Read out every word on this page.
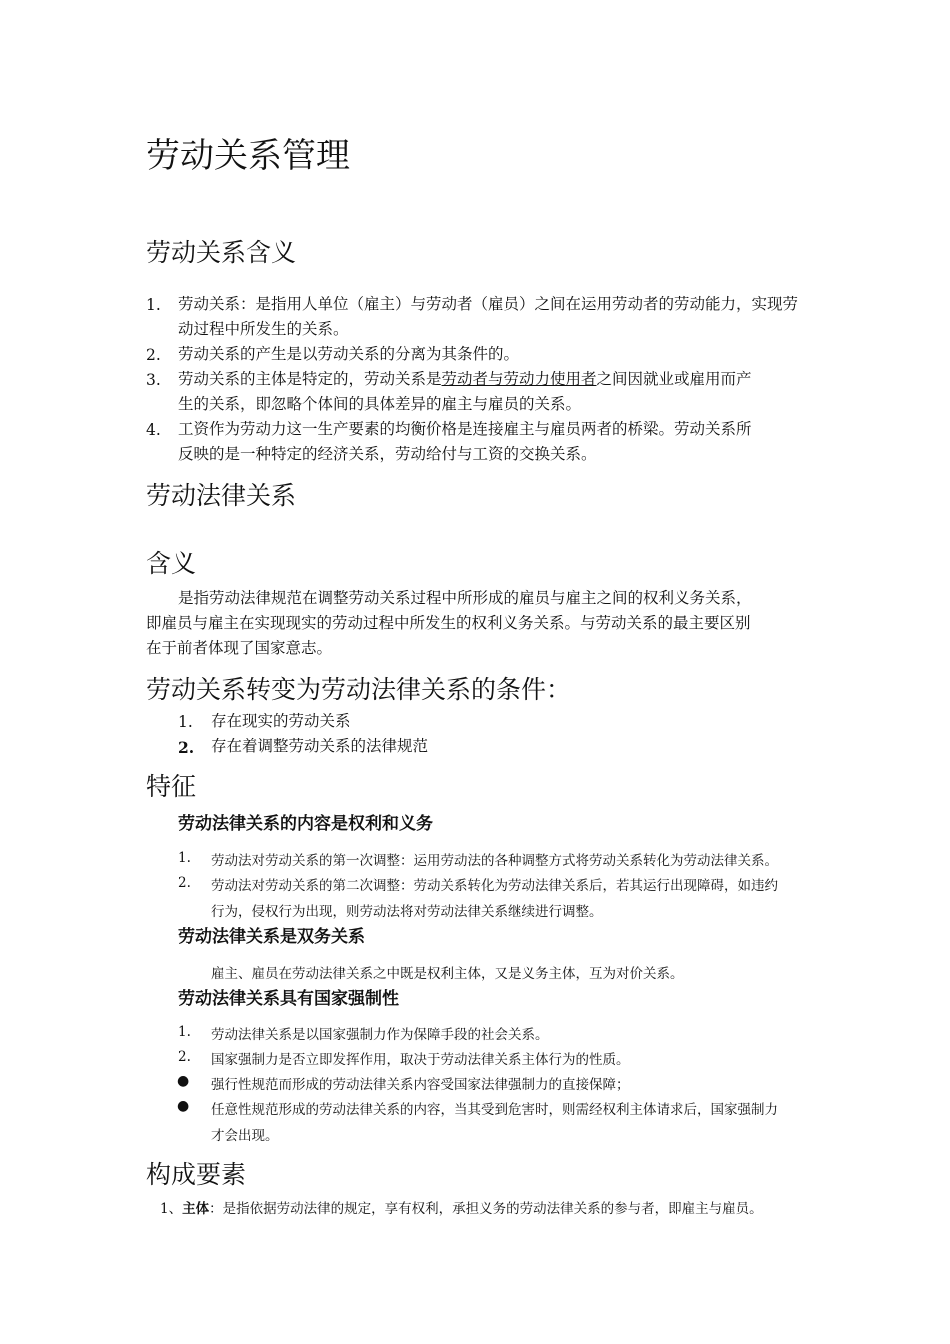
劳动关系管理
劳动关系含义
1. 劳动关系：是指用人单位（雇主）与劳动者（雇员）之间在运用劳动者的劳动能力，实现劳
动过程中所发生的关系。
2. 劳动关系的产生是以劳动关系的分离为其条件的。
3. 劳动关系的主体是特定的，劳动关系是劳动者与劳动力使用者之间因就业或雇用而产
生的关系，即忽略个体间的具体差异的雇主与雇员的关系。
4. 工资作为劳动力这一生产要素的均衡价格是连接雇主与雇员两者的桥梁。劳动关系所
反映的是一种特定的经济关系，劳动给付与工资的交换关系。
劳动法律关系
含义
是指劳动法律规范在调整劳动关系过程中所形成的雇员与雇主之间的权利义务关系，
即雇员与雇主在实现现实的劳动过程中所发生的权利义务关系。与劳动关系的最主要区别
在于前者体现了国家意志。
劳动关系转变为劳动法律关系的条件：
1. 存在现实的劳动关系
2. 存在着调整劳动关系的法律规范
特征
劳动法律关系的内容是权利和义务
1. 劳动法对劳动关系的第一次调整：运用劳动法的各种调整方式将劳动关系转化为劳动法律关系。
2. 劳动法对劳动关系的第二次调整：劳动关系转化为劳动法律关系后，若其运行出现障碍，如违约
行为，侵权行为出现，则劳动法将对劳动法律关系继续进行调整。
劳动法律关系是双务关系
雇主、雇员在劳动法律关系之中既是权利主体，又是义务主体，互为对价关系。
劳动法律关系具有国家强制性
1. 劳动法律关系是以国家强制力作为保障手段的社会关系。
2. 国家强制力是否立即发挥作用，取决于劳动法律关系主体行为的性质。
● 强行性规范而形成的劳动法律关系内容受国家法律强制力的直接保障；
● 任意性规范形成的劳动法律关系的内容，当其受到危害时，则需经权利主体请求后，国家强制力
才会出现。
构成要素
1、主体：是指依据劳动法律的规定，享有权利，承担义务的劳动法律关系的参与者，即雇主与雇员。
